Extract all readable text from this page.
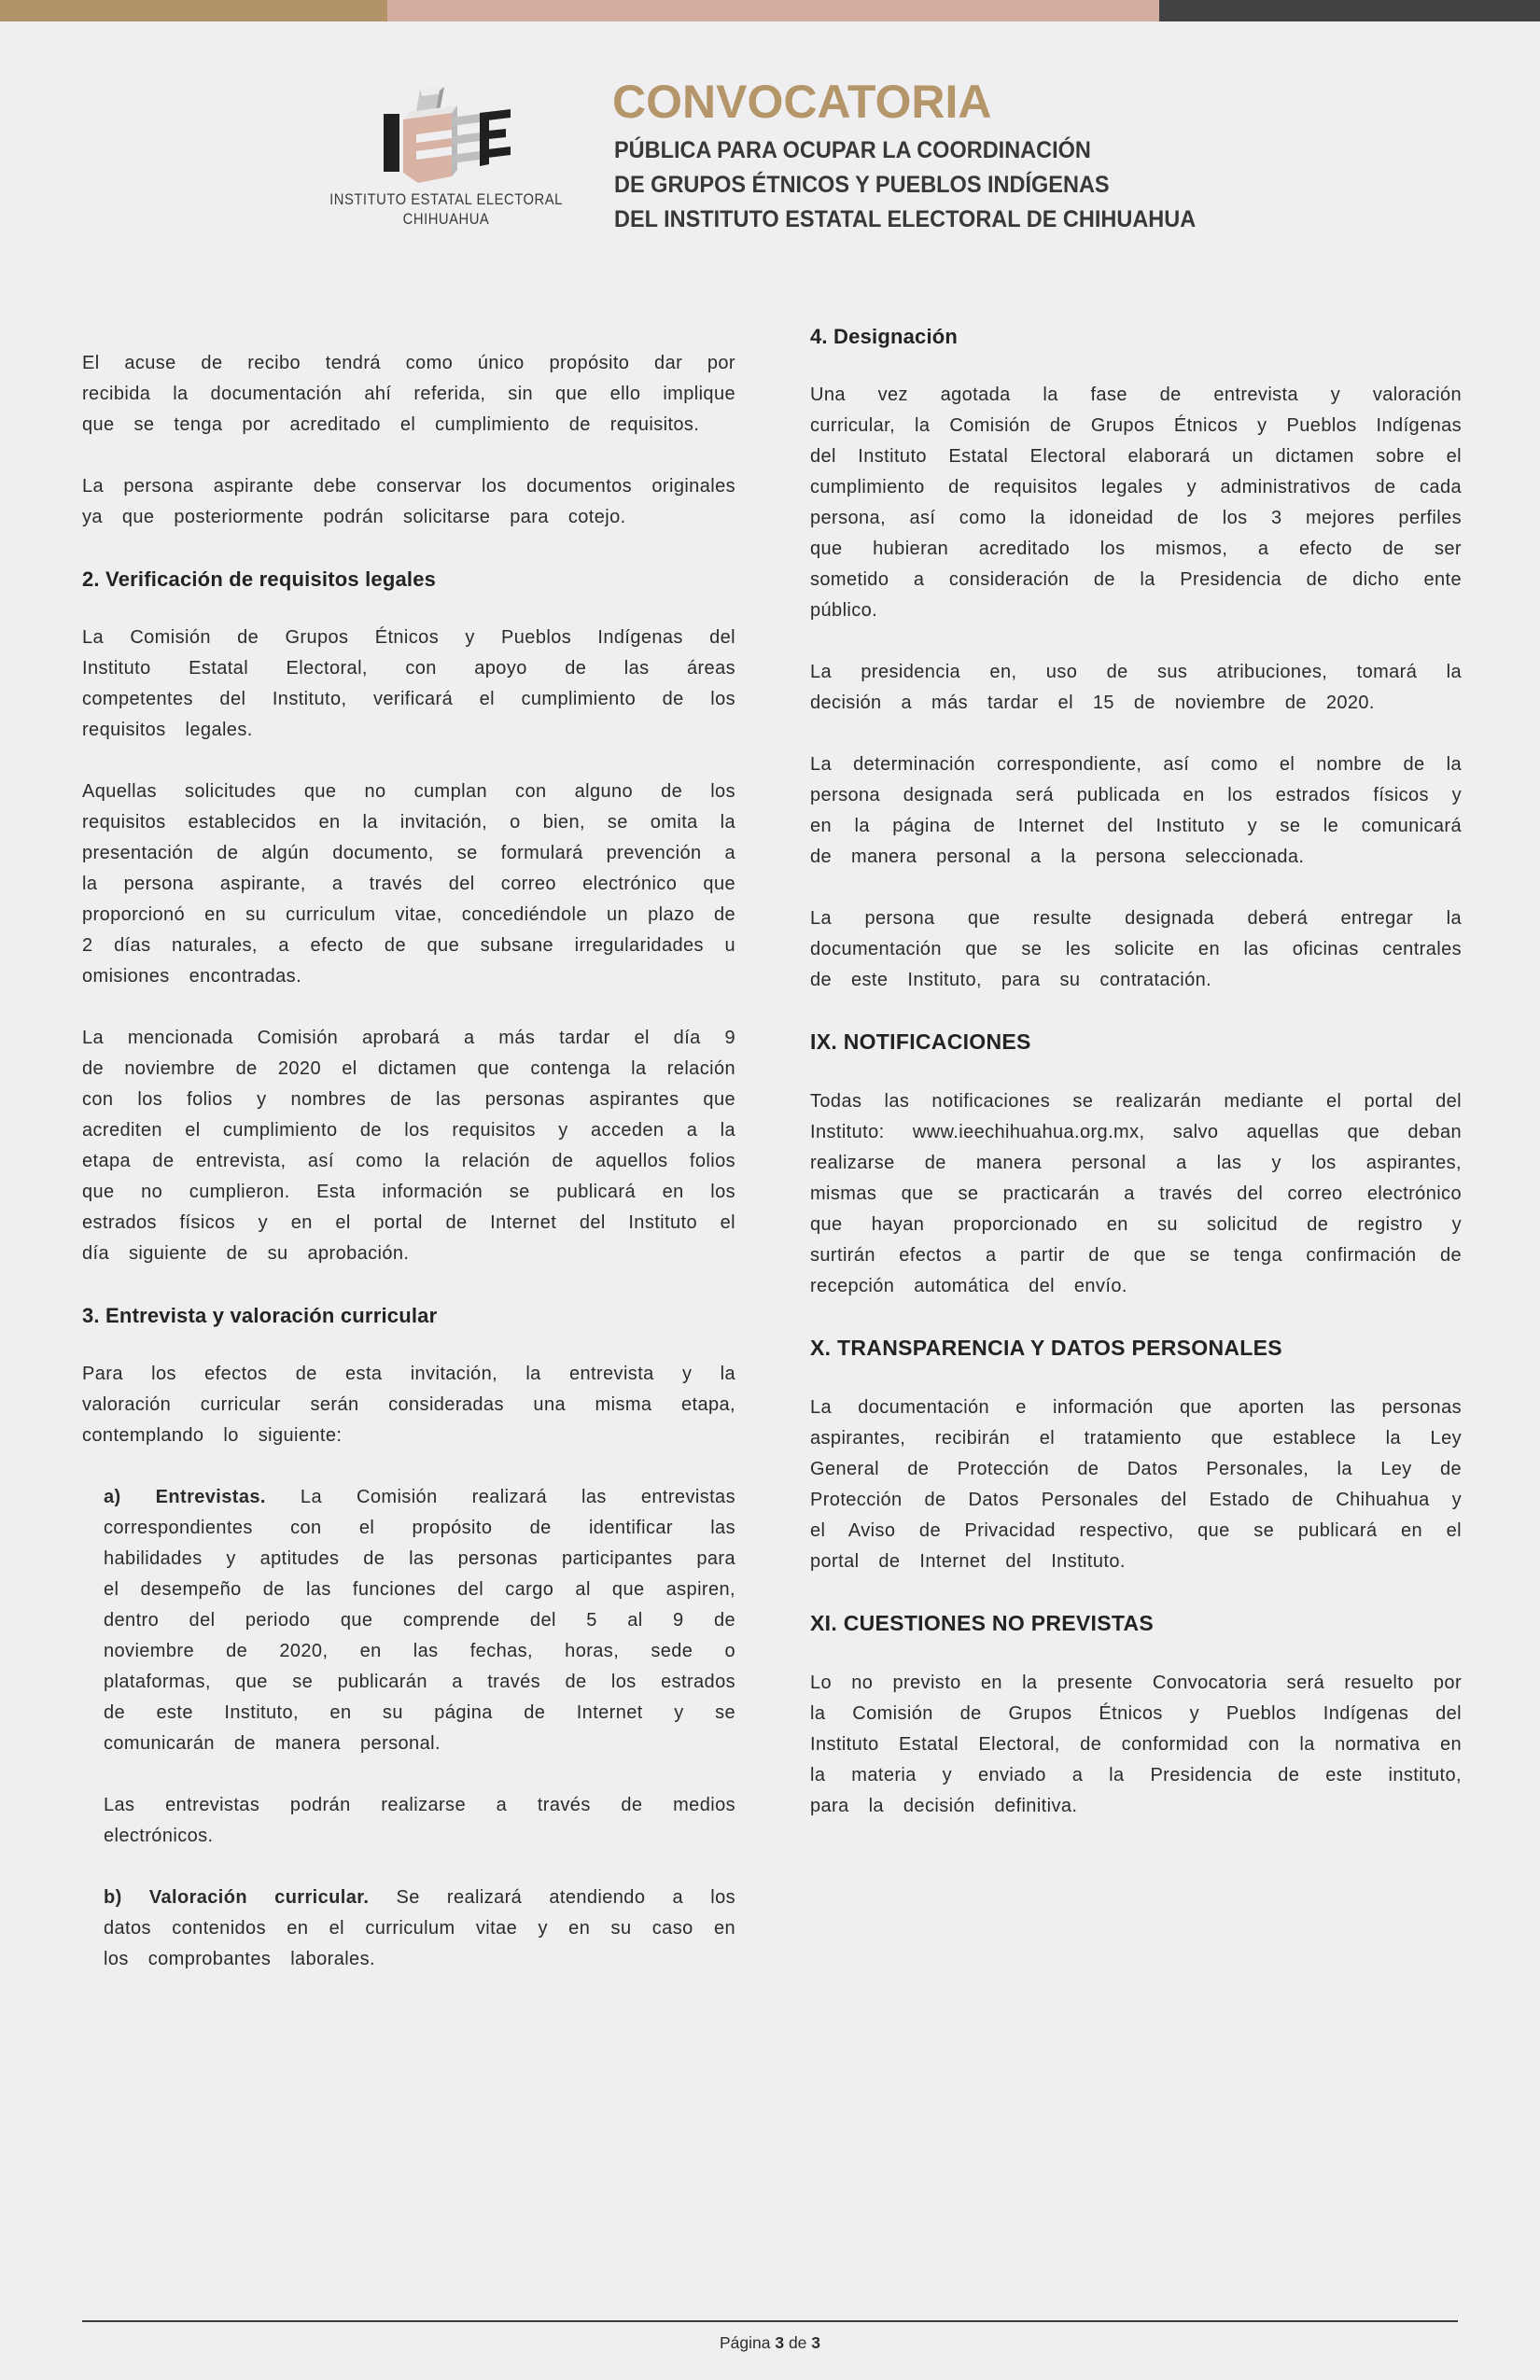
INSTITUTO ESTATAL ELECTORAL
CHIHUAHUA
CONVOCATORIA
PÚBLICA PARA OCUPAR LA COORDINACIÓN
DE GRUPOS ÉTNICOS Y PUEBLOS INDÍGENAS
DEL INSTITUTO ESTATAL ELECTORAL DE CHIHUAHUA

El acuse de recibo tendrá como único propósito dar por recibida la documentación ahí referida, sin que ello implique que se tenga por acreditado el cumplimiento de requisitos.

La persona aspirante debe conservar los documentos originales ya que posteriormente podrán solicitarse para cotejo.

2. Verificación de requisitos legales

La Comisión de Grupos Étnicos y Pueblos Indígenas del Instituto Estatal Electoral, con apoyo de las áreas competentes del Instituto, verificará el cumplimiento de los requisitos legales.

Aquellas solicitudes que no cumplan con alguno de los requisitos establecidos en la invitación, o bien, se omita la presentación de algún documento, se formulará prevención a la persona aspirante, a través del correo electrónico que proporcionó en su curriculum vitae, concediéndole un plazo de 2 días naturales, a efecto de que subsane irregularidades u omisiones encontradas.

La mencionada Comisión aprobará a más tardar el día 9 de noviembre de 2020 el dictamen que contenga la relación con los folios y nombres de las personas aspirantes que acrediten el cumplimiento de los requisitos y acceden a la etapa de entrevista, así como la relación de aquellos folios que no cumplieron. Esta información se publicará en los estrados físicos y en el portal de Internet del Instituto el día siguiente de su aprobación.

3. Entrevista y valoración curricular

Para los efectos de esta invitación, la entrevista y la valoración curricular serán consideradas una misma etapa, contemplando lo siguiente:

a) Entrevistas. La Comisión realizará las entrevistas correspondientes con el propósito de identificar las habilidades y aptitudes de las personas participantes para el desempeño de las funciones del cargo al que aspiren, dentro del periodo que comprende del 5 al 9 de noviembre de 2020, en las fechas, horas, sede o plataformas, que se publicarán a través de los estrados de este Instituto, en su página de Internet y se comunicarán de manera personal.

Las entrevistas podrán realizarse a través de medios electrónicos.

b) Valoración curricular. Se realizará atendiendo a los datos contenidos en el curriculum vitae y en su caso en los comprobantes laborales.

4. Designación

Una vez agotada la fase de entrevista y valoración curricular, la Comisión de Grupos Étnicos y Pueblos Indígenas del Instituto Estatal Electoral elaborará un dictamen sobre el cumplimiento de requisitos legales y administrativos de cada persona, así como la idoneidad de los 3 mejores perfiles que hubieran acreditado los mismos, a efecto de ser sometido a consideración de la Presidencia de dicho ente público.

La presidencia en, uso de sus atribuciones, tomará la decisión a más tardar el 15 de noviembre de 2020.

La determinación correspondiente, así como el nombre de la persona designada será publicada en los estrados físicos y en la página de Internet del Instituto y se le comunicará de manera personal a la persona seleccionada.

La persona que resulte designada deberá entregar la documentación que se les solicite en las oficinas centrales de este Instituto, para su contratación.

IX. NOTIFICACIONES

Todas las notificaciones se realizarán mediante el portal del Instituto: www.ieechihuahua.org.mx, salvo aquellas que deban realizarse de manera personal a las y los aspirantes, mismas que se practicarán a través del correo electrónico que hayan proporcionado en su solicitud de registro y surtirán efectos a partir de que se tenga confirmación de recepción automática del envío.

X. TRANSPARENCIA Y DATOS PERSONALES

La documentación e información que aporten las personas aspirantes, recibirán el tratamiento que establece la Ley General de Protección de Datos Personales, la Ley de Protección de Datos Personales del Estado de Chihuahua y el Aviso de Privacidad respectivo, que se publicará en el portal de Internet del Instituto.

XI. CUESTIONES NO PREVISTAS

Lo no previsto en la presente Convocatoria será resuelto por la Comisión de Grupos Étnicos y Pueblos Indígenas del Instituto Estatal Electoral, de conformidad con la normativa en la materia y enviado a la Presidencia de este instituto, para la decisión definitiva.

Página 3 de 3
